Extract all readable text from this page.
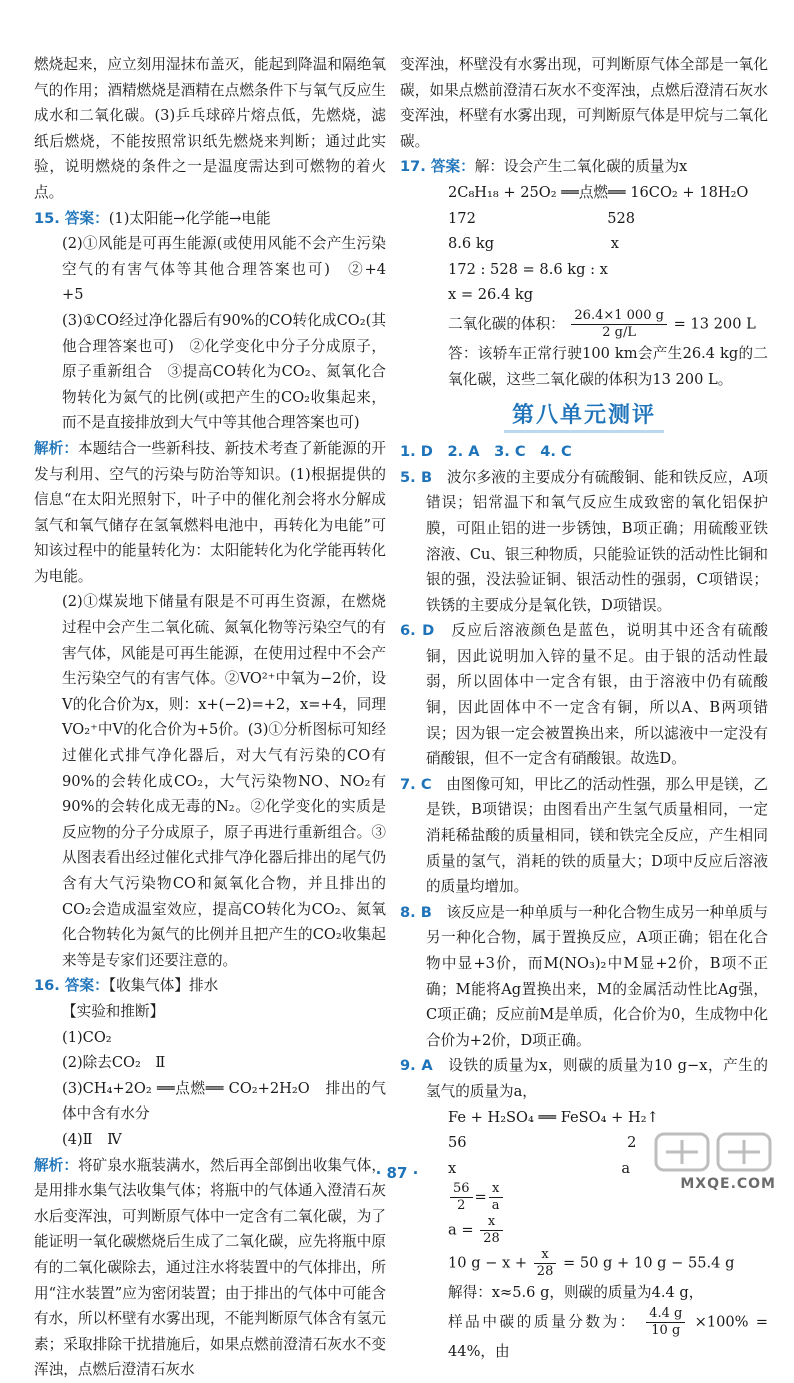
燃烧起来，应立刻用湿抹布盖灭，能起到降温和隔绝氧气的作用；酒精燃烧是酒精在点燃条件下与氧气反应生成水和二氧化碳。(3)乒乓球碎片熔点低，先燃烧，滤纸后燃烧，不能按照常识纸先燃烧来判断；通过此实验，说明燃烧的条件之一是温度需达到可燃物的着火点。
15. 答案：(1)太阳能→化学能→电能
(2)①风能是可再生能源(或使用风能不会产生污染空气的有害气体等其他合理答案也可)　②+4　+5
(3)①CO经过净化器后有90%的CO转化成CO₂(其他合理答案也可)　②化学变化中分子分成原子，原子重新组合　③提高CO转化为CO₂、氮氧化合物转化为氮气的比例(或把产生的CO₂收集起来，而不是直接排放到大气中等其他合理答案也可)
解析：本题结合一些新科技、新技术考查了新能源的开发与利用、空气的污染与防治等知识。(1)根据提供的信息“在太阳光照射下，叶子中的催化剂会将水分解成氢气和氧气储存在氢氧燃料电池中，再转化为电能”可知该过程中的能量转化为：太阳能转化为化学能再转化为电能。
(2)①煤炭地下储量有限是不可再生资源，在燃烧过程中会产生二氧化硫、氮氧化物等污染空气的有害气体，风能是可再生能源，在使用过程中不会产生污染空气的有害气体。②VO²⁺中氧为−2价，设V的化合价为x，则：x+(−2)=+2，x=+4，同理VO₂⁺中V的化合价为+5价。(3)①分析图标可知经过催化式排气净化器后，对大气有污染的CO有90%的会转化成CO₂，大气污染物NO、NO₂有90%的会转化成无毒的N₂。②化学变化的实质是反应物的分子分成原子，原子再进行重新组合。③从图表看出经过催化式排气净化器后排出的尾气仍含有大气污染物CO和氮氧化合物，并且排出的CO₂会造成温室效应，提高CO转化为CO₂、氮氧化合物转化为氮气的比例并且把产生的CO₂收集起来等是专家们还要注意的。
16. 答案：【收集气体】排水
【实验和推断】
(1)CO₂
(2)除去CO₂　Ⅱ
(3)CH₄+2O₂ ══点燃══ CO₂+2H₂O　排出的气体中含有水分
(4)Ⅱ　Ⅳ
解析：将矿泉水瓶装满水，然后再全部倒出收集气体，是用排水集气法收集气体；将瓶中的气体通入澄清石灰水后变浑浊，可判断原气体中一定含有二氧化碳，为了能证明一氧化碳燃烧后生成了二氧化碳，应先将瓶中原有的二氧化碳除去，通过注水将装置中的气体排出，所用“注水装置”应为密闭装置；由于排出的气体中可能含有水，所以杯壁有水雾出现，不能判断原气体含有氢元素；采取排除干扰措施后，如果点燃前澄清石灰水不变浑浊，点燃后澄清石灰水
变浑浊，杯壁没有水雾出现，可判断原气体全部是一氧化碳，如果点燃前澄清石灰水不变浑浊，点燃后澄清石灰水变浑浊，杯壁有水雾出现，可判断原气体是甲烷与二氧化碳。
17. 答案：解：设会产生二氧化碳的质量为x
2C₈H₁₈ + 25O₂ ══点燃══ 16CO₂ + 18H₂O
172　　　　　　　　　528
8.6 kg　　　　　　　　x
172 : 528 = 8.6 kg : x
x = 26.4 kg
二氧化碳的体积： $\frac{26.4\times 1 000 g}{2 g/L} = 13$ 200 L
答：该轿车正常行驶100 km会产生26.4 kg的二氧化碳，这些二氧化碳的体积为13 200 L。
第八单元测评
1. D　2. A　3. C　4. C
5. B　波尔多液的主要成分有硫酸铜、能和铁反应，A项错误；铝常温下和氧气反应生成致密的氧化铝保护膜，可阻止铝的进一步锈蚀，B项正确；用硫酸亚铁溶液、Cu、银三种物质，只能验证铁的活动性比铜和银的强，没法验证铜、银活动性的强弱，C项错误；铁锈的主要成分是氧化铁，D项错误。
6. D　反应后溶液颜色是蓝色，说明其中还含有硫酸铜，因此说明加入锌的量不足。由于银的活动性最弱，所以固体中一定含有银，由于溶液中仍有硫酸铜，因此固体中不一定含有铜，所以A、B两项错误；因为银一定会被置换出来，所以滤液中一定没有硝酸银，但不一定含有硝酸银。故选D。
7. C　由图像可知，甲比乙的活动性强，那么甲是镁，乙是铁，B项错误；由图看出产生氢气质量相同，一定消耗稀盐酸的质量相同，镁和铁完全反应，产生相同质量的氢气，消耗的铁的质量大；D项中反应后溶液的质量均增加。
8. B　该反应是一种单质与一种化合物生成另一种单质与另一种化合物，属于置换反应，A项正确；铝在化合物中显+3价，而M(NO₃)₂中M显+2价，B项不正确；M能将Ag置换出来，M的金属活动性比Ag强，C项正确；反应前M是单质，化合价为0，生成物中化合价为+2价，D项正确。
9. A　设铁的质量为x，则碳的质量为10 g−x，产生的氢气的质量为a，
Fe + H₂SO₄ ══ FeSO₄ + H₂↑
56　　　　　　　　　　　2
x　　　　　　　　　　　 a
$\frac{56}{2} = \frac{x}{a}$
$a = \frac{x}{28}$
10 $g - x + \frac{x}{28} = 50$ g + 10 g − 55.4 g
解得：x≈5.6 g，则碳的质量为4.4 g，
样品中碳的质量分数为： $\frac{4.4 g}{10 g} \times 100\% = 44\%$，由
· 87 ·
MXQE.COM
